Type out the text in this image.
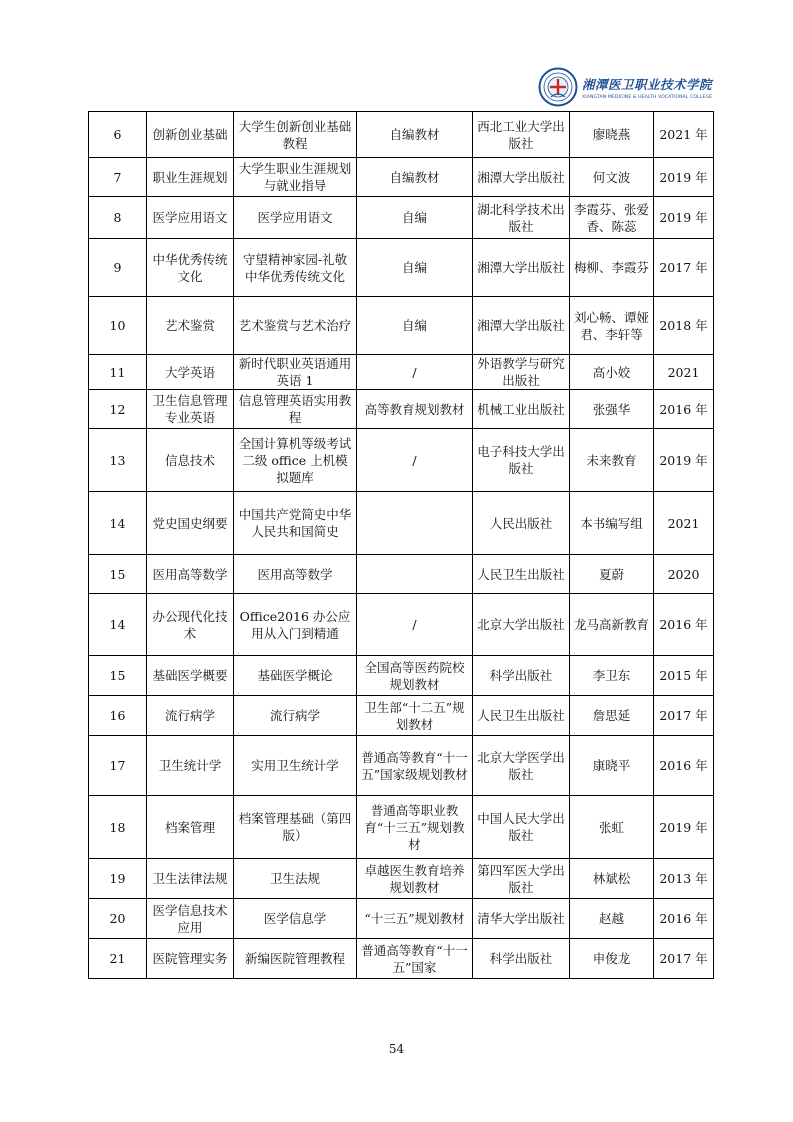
湘潭医卫职业技术学院
XIANGTAN MEDICINE & HEALTH VOCATIONAL COLLEGE
6	创新创业基础	大学生创新创业基础教程	自编教材	西北工业大学出版社	廖晓燕	2021 年
7	职业生涯规划	大学生职业生涯规划与就业指导	自编教材	湘潭大学出版社	何文波	2019 年
8	医学应用语文	医学应用语文	自编	湖北科学技术出版社	李霞芬、张爱香、陈蕊	2019 年
9	中华优秀传统文化	守望精神家园-礼敬中华优秀传统文化	自编	湘潭大学出版社	梅柳、李霞芬	2017 年
10	艺术鉴赏	艺术鉴赏与艺术治疗	自编	湘潭大学出版社	刘心畅、谭娅君、李轩等	2018 年
11	大学英语	新时代职业英语通用英语 1	/	外语教学与研究出版社	高小姣	2021
12	卫生信息管理专业英语	信息管理英语实用教程	高等教育规划教材	机械工业出版社	张强华	2016 年
13	信息技术	全国计算机等级考试二级 office 上机模拟题库	/	电子科技大学出版社	未来教育	2019 年
14	党史国史纲要	中国共产党简史中华人民共和国简史		人民出版社	本书编写组	2021
15	医用高等数学	医用高等数学		人民卫生出版社	夏蔚	2020
14	办公现代化技术	Office2016 办公应用从入门到精通	/	北京大学出版社	龙马高新教育	2016 年
15	基础医学概要	基础医学概论	全国高等医药院校规划教材	科学出版社	李卫东	2015 年
16	流行病学	流行病学	卫生部“十二五”规划教材	人民卫生出版社	詹思延	2017 年
17	卫生统计学	实用卫生统计学	普通高等教育“十一五”国家级规划教材	北京大学医学出版社	康晓平	2016 年
18	档案管理	档案管理基础（第四版）	普通高等职业教育“十三五”规划教材	中国人民大学出版社	张虹	2019 年
19	卫生法律法规	卫生法规	卓越医生教育培养规划教材	第四军医大学出版社	林斌松	2013 年
20	医学信息技术应用	医学信息学	“十三五”规划教材	清华大学出版社	赵越	2016 年
21	医院管理实务	新编医院管理教程	普通高等教育“十一五”国家	科学出版社	申俊龙	2017 年
54
